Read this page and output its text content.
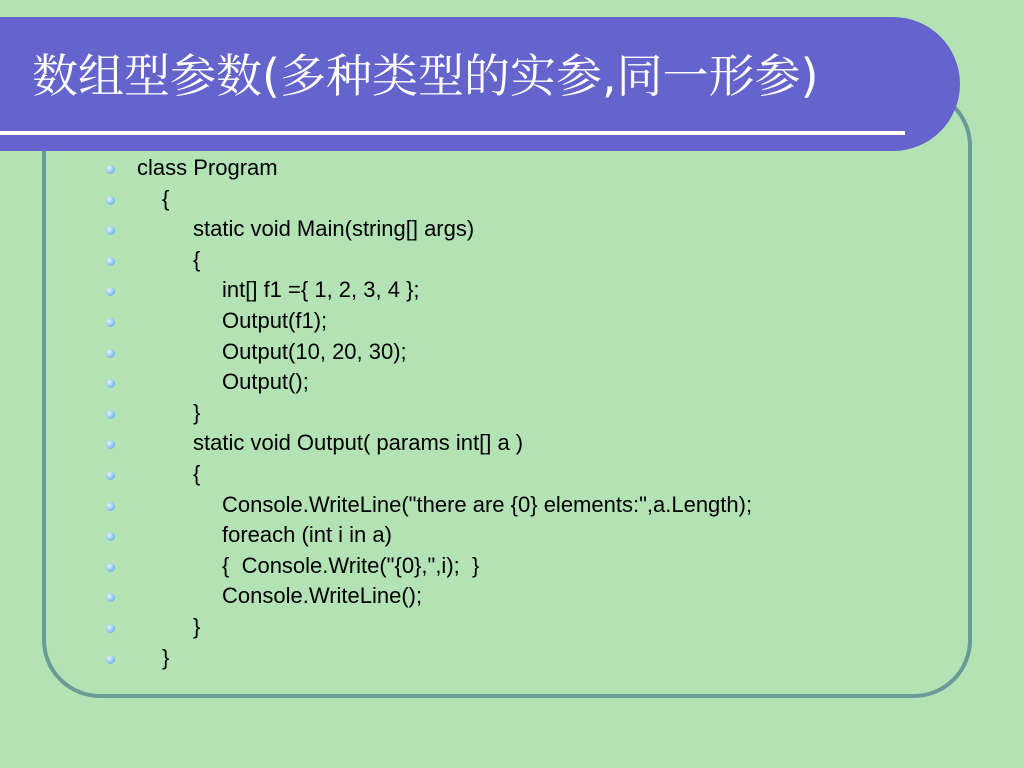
数组型参数(多种类型的实参,同一形参)
class Program
{
static void Main(string[] args)
{
int[] f1 ={ 1, 2, 3, 4 };
Output(f1);
Output(10, 20, 30);
Output();
}
static void Output( params int[] a )
{
Console.WriteLine("there are {0} elements:",a.Length);
foreach (int i in a)
{  Console.Write("{0},",i);  }
Console.WriteLine();
}
}
